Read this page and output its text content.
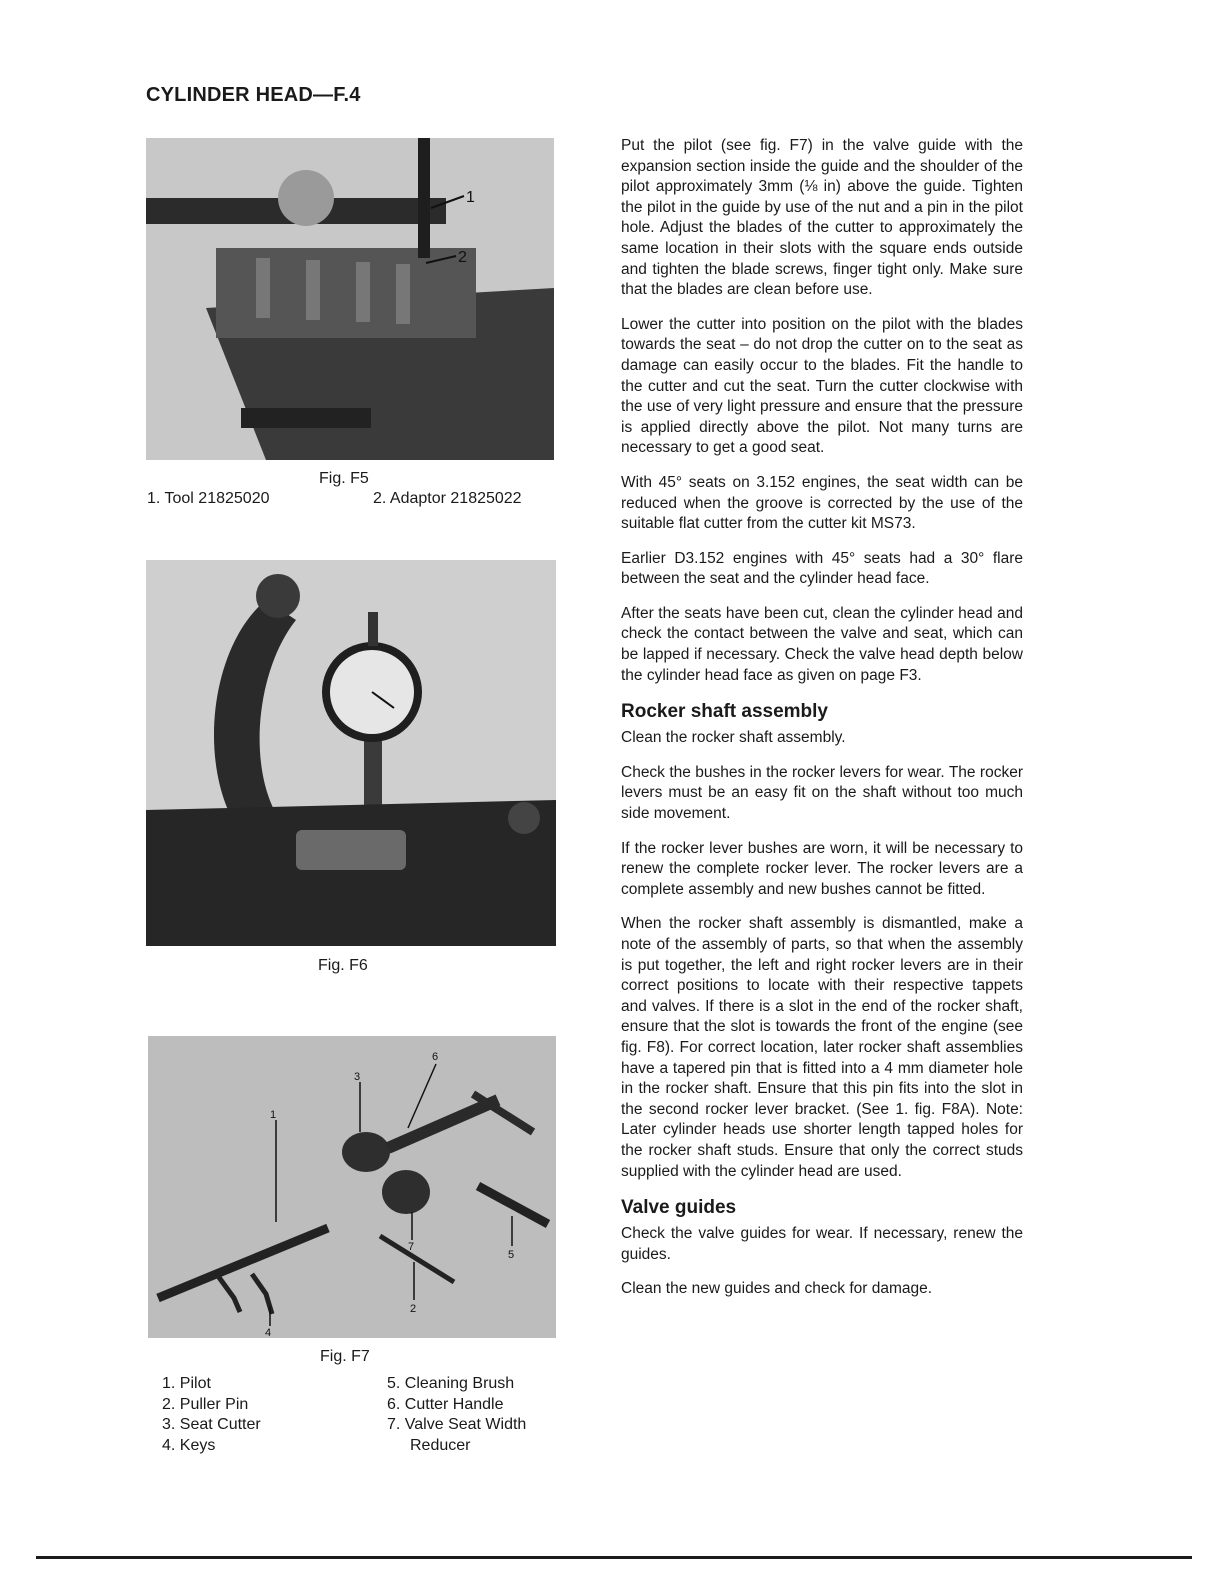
CYLINDER HEAD—F.4
1
2
Fig. F5
1. Tool 21825020	2. Adaptor 21825022
Fig. F6
1
2
3
4
5
6
7
Fig. F7
1. Pilot
2. Puller Pin
3. Seat Cutter
4. Keys
5. Cleaning Brush
6. Cutter Handle
7. Valve Seat Width
Reducer

Put the pilot (see fig. F7) in the valve guide with the expansion section inside the guide and the shoulder of the pilot approximately 3mm (⅛ in) above the guide. Tighten the pilot in the guide by use of the nut and a pin in the pilot hole. Adjust the blades of the cutter to approximately the same location in their slots with the square ends outside and tighten the blade screws, finger tight only. Make sure that the blades are clean before use.

Lower the cutter into position on the pilot with the blades towards the seat – do not drop the cutter on to the seat as damage can easily occur to the blades. Fit the handle to the cutter and cut the seat. Turn the cutter clockwise with the use of very light pressure and ensure that the pressure is applied directly above the pilot. Not many turns are necessary to get a good seat.

With 45° seats on 3.152 engines, the seat width can be reduced when the groove is corrected by the use of the suitable flat cutter from the cutter kit MS73.

Earlier D3.152 engines with 45° seats had a 30° flare between the seat and the cylinder head face.

After the seats have been cut, clean the cylinder head and check the contact between the valve and seat, which can be lapped if necessary. Check the valve head depth below the cylinder head face as given on page F3.

Rocker shaft assembly

Clean the rocker shaft assembly.

Check the bushes in the rocker levers for wear. The rocker levers must be an easy fit on the shaft without too much side movement.

If the rocker lever bushes are worn, it will be necessary to renew the complete rocker lever. The rocker levers are a complete assembly and new bushes cannot be fitted.

When the rocker shaft assembly is dismantled, make a note of the assembly of parts, so that when the assembly is put together, the left and right rocker levers are in their correct positions to locate with their respective tappets and valves. If there is a slot in the end of the rocker shaft, ensure that the slot is towards the front of the engine (see fig. F8). For correct location, later rocker shaft assemblies have a tapered pin that is fitted into a 4 mm diameter hole in the rocker shaft. Ensure that this pin fits into the slot in the second rocker lever bracket. (See 1. fig. F8A). Note: Later cylinder heads use shorter length tapped holes for the rocker shaft studs. Ensure that only the correct studs supplied with the cylinder head are used.

Valve guides

Check the valve guides for wear. If necessary, renew the guides.

Clean the new guides and check for damage.
